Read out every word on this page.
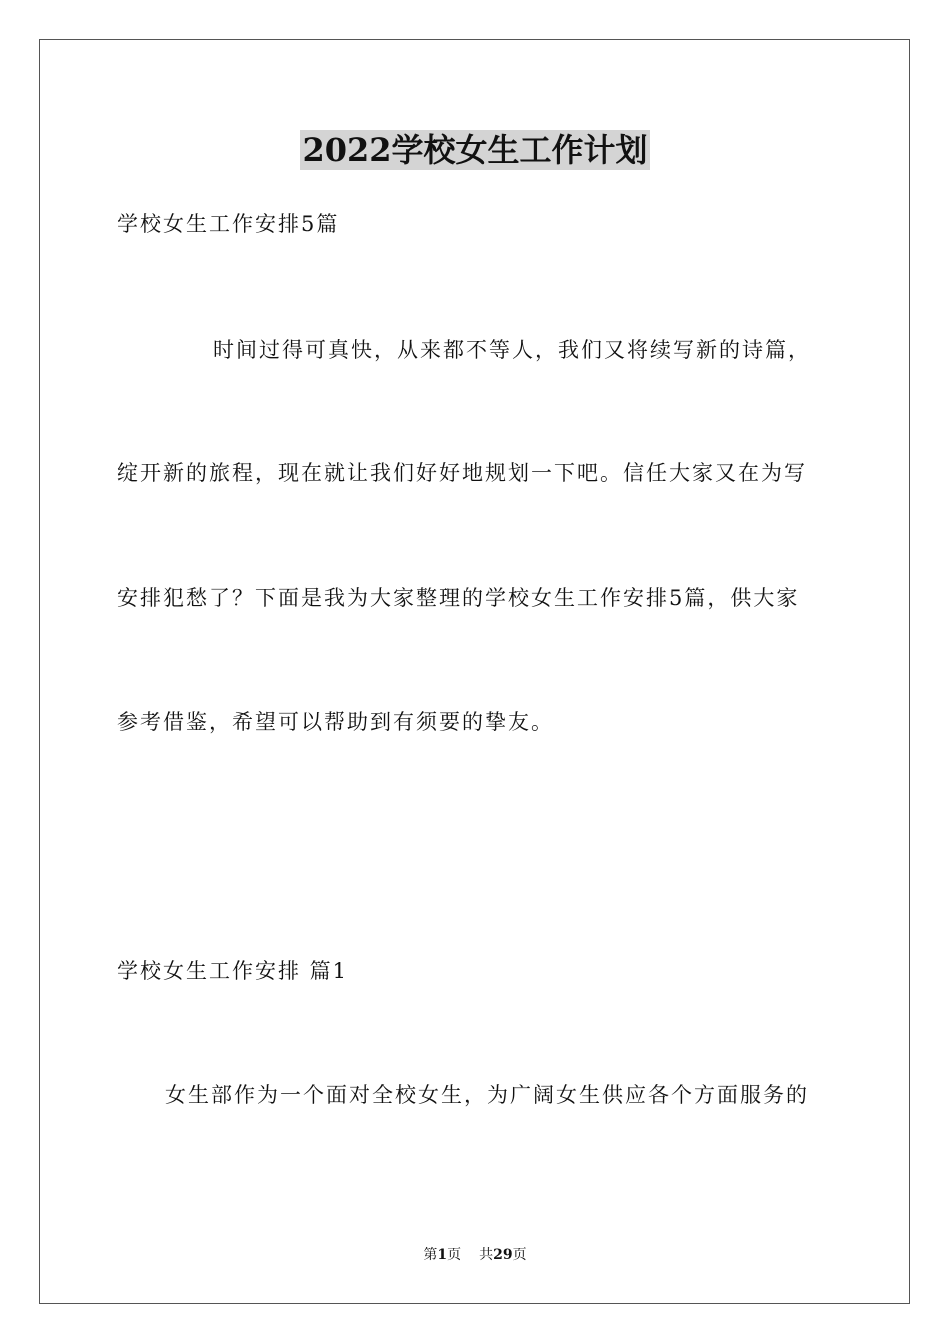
2022学校女生工作计划
学校女生工作安排5篇
时间过得可真快，从来都不等人，我们又将续写新的诗篇，
绽开新的旅程，现在就让我们好好地规划一下吧。信任大家又在为写
安排犯愁了？下面是我为大家整理的学校女生工作安排5篇，供大家
参考借鉴，希望可以帮助到有须要的挚友。
学校女生工作安排 篇1
女生部作为一个面对全校女生，为广阔女生供应各个方面服务的
第1页 共29页
